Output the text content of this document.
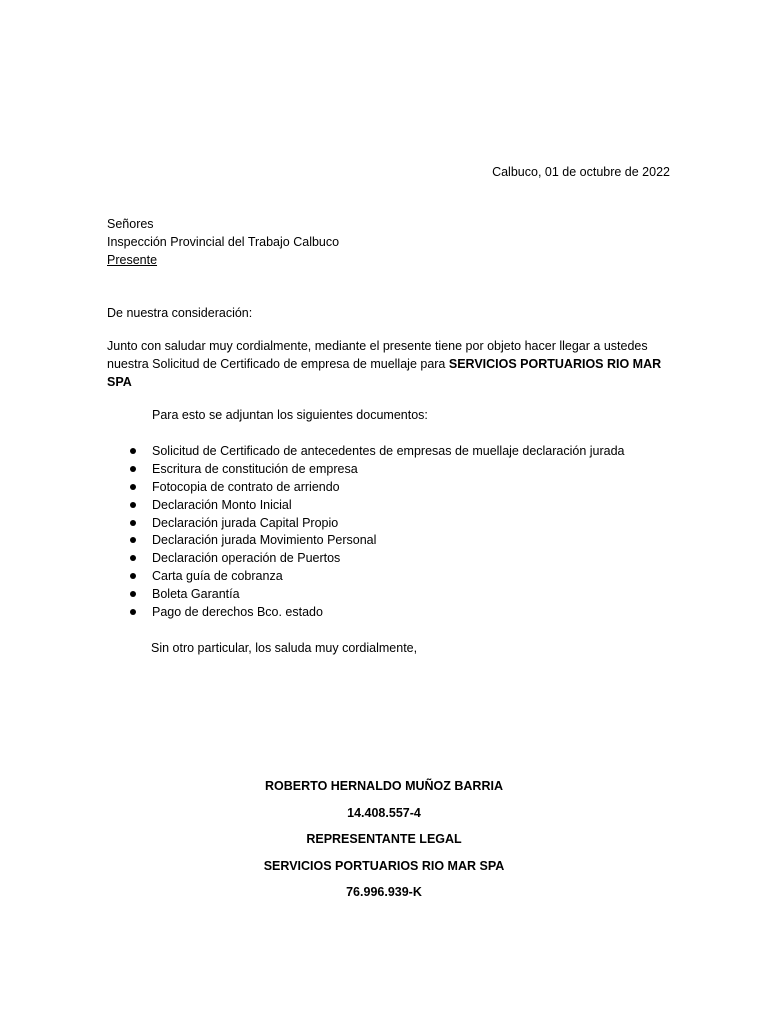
Calbuco, 01 de octubre de 2022
Señores
Inspección Provincial del Trabajo Calbuco
Presente
De nuestra consideración:
Junto con saludar muy cordialmente, mediante el presente tiene por objeto hacer llegar a ustedes nuestra Solicitud de Certificado de empresa de muellaje para SERVICIOS PORTUARIOS RIO MAR SPA
Para esto se adjuntan los siguientes documentos:
Solicitud de Certificado de antecedentes de empresas de muellaje declaración jurada
Escritura de constitución de empresa
Fotocopia de contrato de arriendo
Declaración Monto Inicial
Declaración jurada Capital Propio
Declaración jurada Movimiento Personal
Declaración operación de Puertos
Carta guía de cobranza
Boleta Garantía
Pago de derechos Bco. estado
Sin otro particular, los saluda muy cordialmente,
ROBERTO HERNALDO MUÑOZ BARRIA
14.408.557-4
REPRESENTANTE LEGAL
SERVICIOS PORTUARIOS RIO MAR SPA
76.996.939-K
